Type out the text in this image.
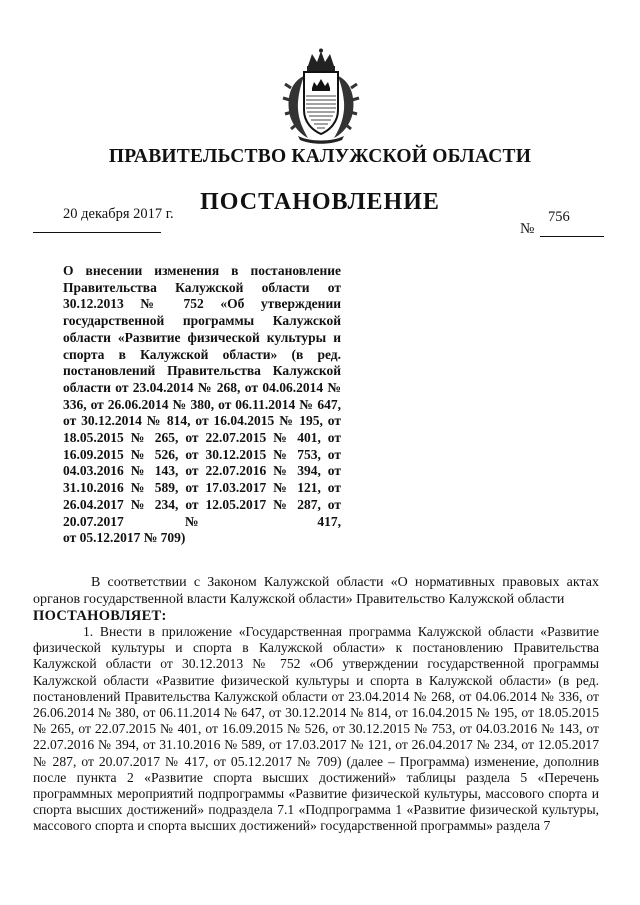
ПРАВИТЕЛЬСТВО КАЛУЖСКОЙ ОБЛАСТИ
ПОСТАНОВЛЕНИЕ
20 декабря 2017 г.	756
№
О внесении изменения в постановление Правительства Калужской области от 30.12.2013 № 752 «Об утверждении государственной программы Калужской области «Развитие физической культуры и спорта в Калужской области» (в ред. постановлений Правительства Калужской области от 23.04.2014 № 268, от 04.06.2014 № 336, от 26.06.2014 № 380, от 06.11.2014 № 647, от 30.12.2014 № 814, от 16.04.2015 № 195, от 18.05.2015 № 265, от 22.07.2015 № 401, от 16.09.2015 № 526, от 30.12.2015 № 753, от 04.03.2016 № 143, от 22.07.2016 № 394, от 31.10.2016 № 589, от 17.03.2017 № 121, от 26.04.2017 № 234, от 12.05.2017 № 287, от 20.07.2017 № 417,
от 05.12.2017 № 709)
В соответствии с Законом Калужской области «О нормативных правовых актах органов государственной власти Калужской области» Правительство Калужской области
ПОСТАНОВЛЯЕТ:
1. Внести в приложение «Государственная программа Калужской области «Развитие физической культуры и спорта в Калужской области» к постановлению Правительства Калужской области от 30.12.2013 № 752 «Об утверждении государственной программы Калужской области «Развитие физической культуры и спорта в Калужской области» (в ред. постановлений Правительства Калужской области от 23.04.2014 № 268, от 04.06.2014 № 336, от 26.06.2014 № 380, от 06.11.2014 № 647, от 30.12.2014 № 814, от 16.04.2015 № 195, от 18.05.2015 № 265, от 22.07.2015 № 401, от 16.09.2015 № 526, от 30.12.2015 № 753, от 04.03.2016 № 143, от 22.07.2016 № 394, от 31.10.2016 № 589, от 17.03.2017 № 121, от 26.04.2017 № 234, от 12.05.2017 № 287, от 20.07.2017 № 417, от 05.12.2017 № 709) (далее – Программа) изменение, дополнив после пункта 2 «Развитие спорта высших достижений» таблицы раздела 5 «Перечень программных мероприятий подпрограммы «Развитие физической культуры, массового спорта и спорта высших достижений» подраздела 7.1 «Подпрограмма 1 «Развитие физической культуры, массового спорта и спорта высших достижений» государственной программы» раздела 7
